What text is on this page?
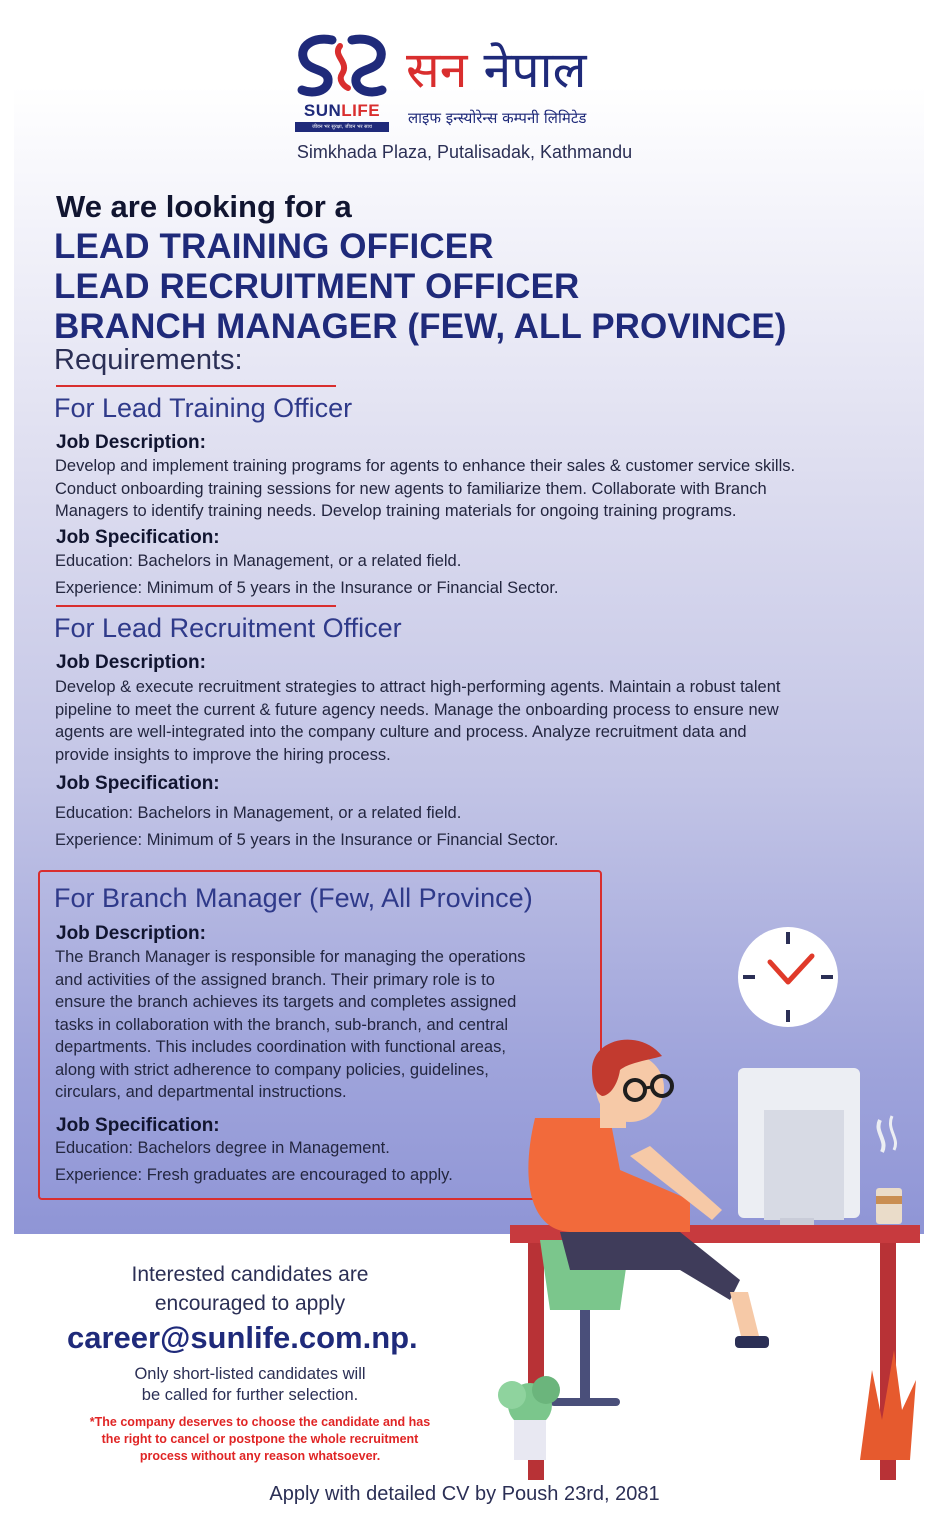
SUNLIFE
जीवन भर सुरक्षा, जीवन भर साथ
सन नेपाल
लाइफ इन्स्योरेन्स कम्पनी लिमिटेड
Simkhada Plaza, Putalisadak, Kathmandu
We are looking for a
LEAD TRAINING OFFICER
LEAD RECRUITMENT OFFICER
BRANCH MANAGER (FEW, ALL PROVINCE)
Requirements:
For Lead Training Officer
Job Description:
Develop and implement training programs for agents to enhance their sales & customer service skills.
Conduct onboarding training sessions for new agents to familiarize them. Collaborate with Branch
Managers to identify training needs. Develop training materials for ongoing training programs.
Job Specification:
Education: Bachelors in Management, or a related field.
Experience: Minimum of 5 years in the Insurance or Financial Sector.
For Lead Recruitment Officer
Job Description:
Develop & execute recruitment strategies to attract high-performing agents. Maintain a robust talent
pipeline to meet the current & future agency needs. Manage the onboarding process to ensure new
agents are well-integrated into the company culture and process. Analyze recruitment data and
provide insights to improve the hiring process.
Job Specification:
Education: Bachelors in Management, or a related field.
Experience: Minimum of 5 years in the Insurance or Financial Sector.
For Branch Manager (Few, All Province)
Job Description:
The Branch Manager is responsible for managing the operations
and activities of the assigned branch. Their primary role is to
ensure the branch achieves its targets and completes assigned
tasks in collaboration with the branch, sub-branch, and central
departments. This includes coordination with functional areas,
along with strict adherence to company policies, guidelines,
circulars, and departmental instructions.
Job Specification:
Education: Bachelors degree in Management.
Experience: Fresh graduates are encouraged to apply.
Interested candidates are
encouraged to apply
career@sunlife.com.np.
Only short-listed candidates will
be called for further selection.
*The company deserves to choose the candidate and has
the right to cancel or postpone the whole recruitment
process without any reason whatsoever.
Apply with detailed CV by Poush 23rd, 2081
